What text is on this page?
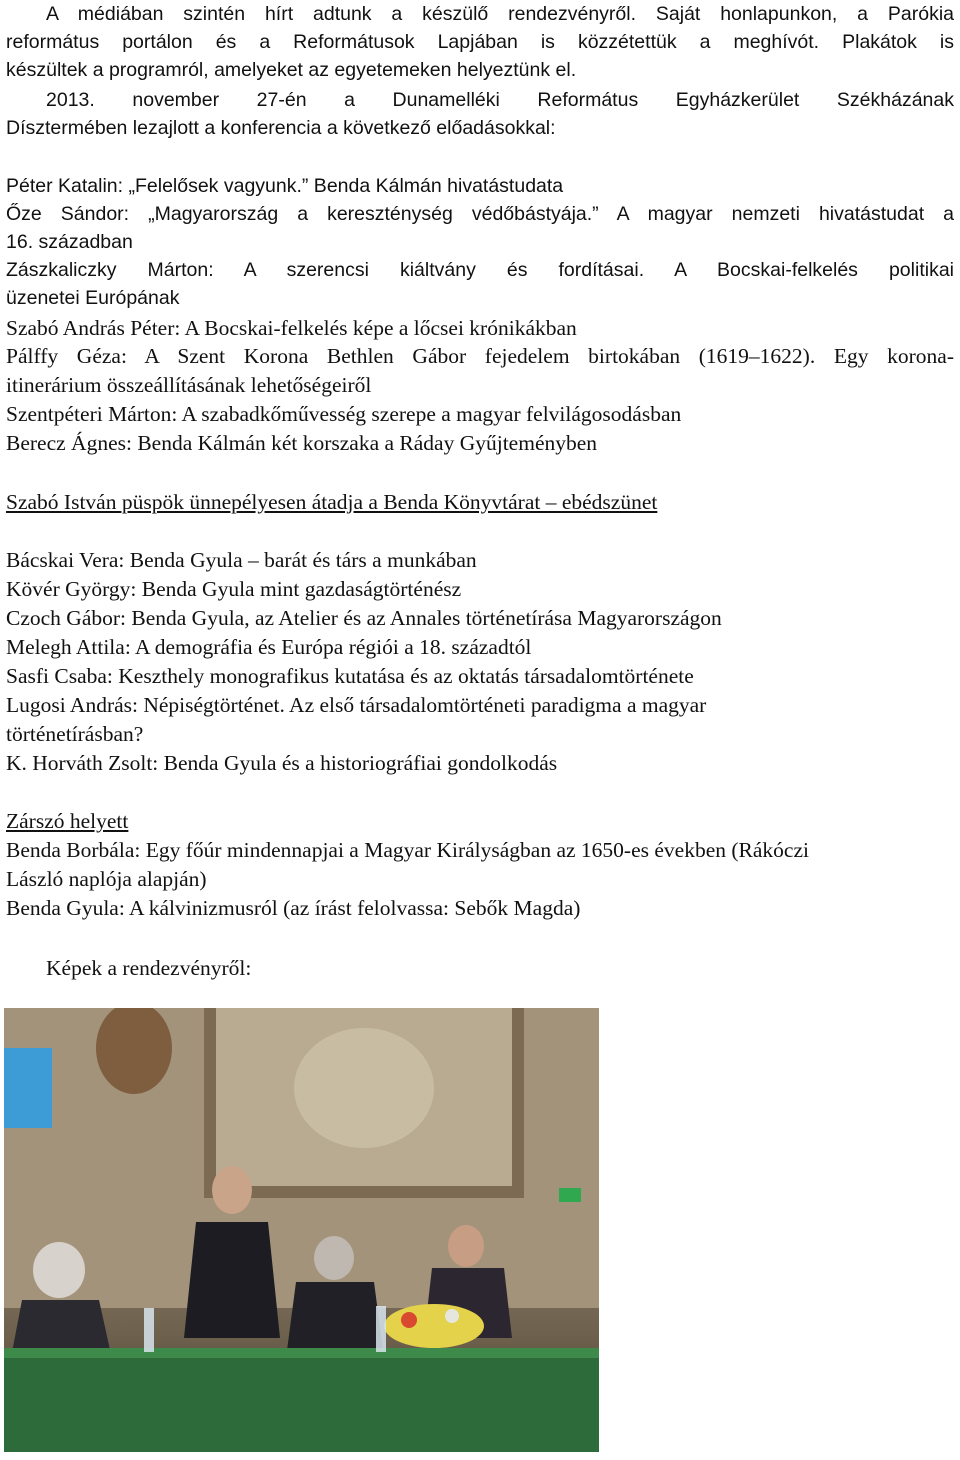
A médiában szintén hírt adtunk a készülő rendezvényről. Saját honlapunkon, a Parókia

református portálon és a Reformátusok Lapjában is közzétettük a meghívót. Plakátok is

készültek a programról, amelyeket az egyetemeken helyeztünk el.

2013. november 27-én a Dunamelléki Református Egyházkerület Székházának

Dísztermében lezajlott a konferencia a következő előadásokkal:

Péter Katalin: „Felelősek vagyunk.” Benda Kálmán hivatástudata

Őze Sándor: „Magyarország a kereszténység védőbástyája.” A magyar nemzeti hivatástudat a

16. században

Zászkaliczky Márton: A szerencsi kiáltvány és fordításai. A Bocskai-felkelés politikai

üzenetei Európának

Szabó András Péter: A Bocskai-felkelés képe a lőcsei krónikákban

Pálffy Géza: A Szent Korona Bethlen Gábor fejedelem birtokában (1619–1622). Egy korona-

itinerárium összeállításának lehetőségeiről

Szentpéteri Márton: A szabadkőművesség szerepe a magyar felvilágosodásban

Berecz Ágnes: Benda Kálmán két korszaka a Ráday Gyűjteményben

Szabó István püspök ünnepélyesen átadja a Benda Könyvtárat – ebédszünet

Bácskai Vera: Benda Gyula – barát és társ a munkában

Kövér György: Benda Gyula mint gazdaságtörténész

Czoch Gábor: Benda Gyula, az Atelier és az Annales történetírása Magyarországon

Melegh Attila: A demográfia és Európa régiói a 18. századtól

Sasfi Csaba: Keszthely monografikus kutatása és az oktatás társadalomtörténete

Lugosi András: Népiségtörténet. Az első társadalomtörténeti paradigma a magyar

történetírásban?

K. Horváth Zsolt: Benda Gyula és a historiográfiai gondolkodás

Zárszó helyett

Benda Borbála: Egy főúr mindennapjai a Magyar Királyságban az 1650-es években (Rákóczi

László naplója alapján)

Benda Gyula: A kálvinizmusról (az írást felolvassa: Sebők Magda)

Képek a rendezvényről:
